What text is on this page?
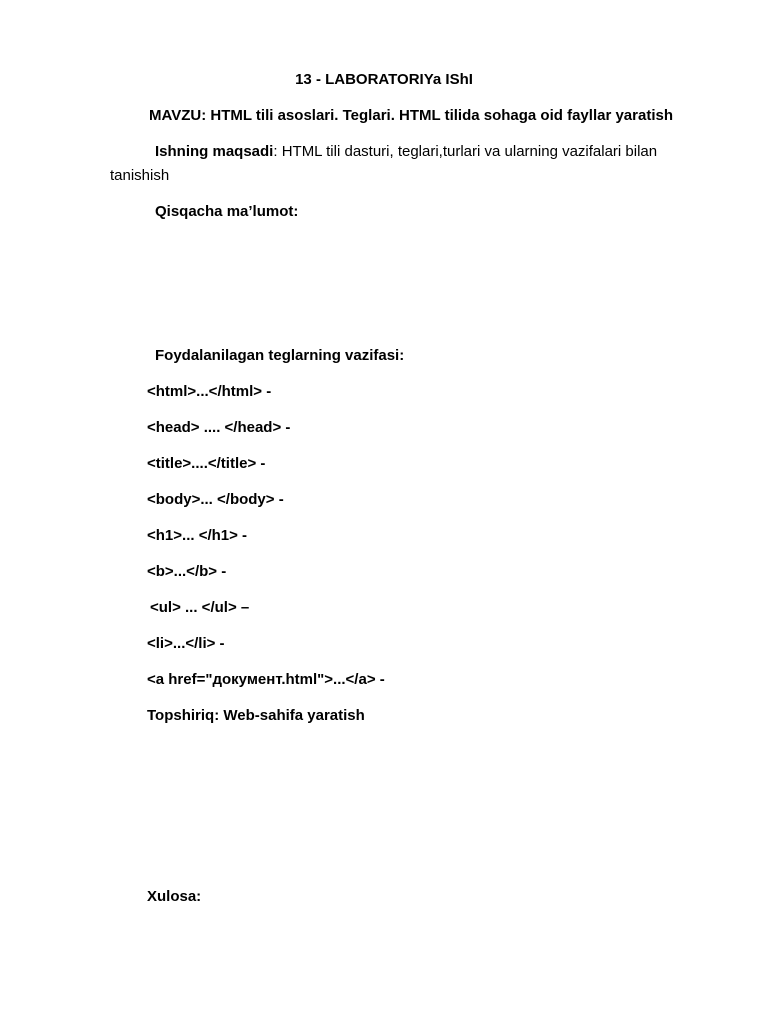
13 - LABORATORIYa IShI
MAVZU: HTML tili asoslari. Teglari. HTML tilida sohaga oid fayllar yaratish
Ishning maqsadi: HTML tili dasturi, teglari,turlari va ularning vazifalari bilan
tanishish
Qisqacha ma’lumot:
Foydalanilagan teglarning vazifasi:
<html>...</html> -
<head> .... </head> -
<title>....</title> -
<body>... </body> -
<h1>... </h1> -
<b>...</b> -
<ul> ... </ul> –
<li>...</li> -
<a href="документ.html">...</a> -
Topshiriq: Web-sahifa yaratish
Xulosa:
